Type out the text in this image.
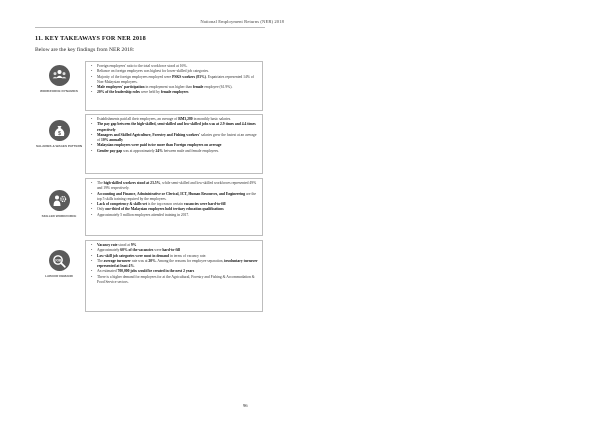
National Employment Returns (NER) 2018
11. KEY TAKEAWAYS FOR NER 2018
Below are the key findings from NER 2018:
WORKFORCE DYNAMICS
• Foreign employees' ratio to the total workforce stood at 16%.
• Reliance on foreign employees was highest for lower-skilled job categories.
• Majority of the foreign employees employed were PSKS workers (83%). Expatriates represented 14% of Non-Malaysian employees.
• Male employees' participation in employment was higher than female employee (61.9%).
• 20% of the leadership roles were held by female employees
$
SALARIES & WAGES PATTERN
• Establishments paid all their employees, an average of RM3,280 in monthly basic salaries.
• The pay gap between the high-skilled, semi-skilled and low-skilled jobs was at 2.9 times and 4.4 times respectively
• Managers and Skilled Agriculture, Forestry and Fishing workers' salaries grew the fastest at an average of 10% annually
• Malaysian employees were paid twice more than Foreign employees on average
• Gender pay gap was at approximately 24% between male and female employees.
SKILLED WORKFORCE
• The high-skilled workers stood at 23.5%, while semi-skilled and low-skilled workforces represented 49% and 19% respectively.
• Accounting and Finance, Administrative or Clerical, ICT, Human Resources, and Engineering are the top 5 skills training required by the employees.
• Lack of competency & skills-set is the top reason certain vacancies were hard-to-fill
• Only one-third of the Malaysian employees hold tertiary education qualifications
• Approximately 5 million employees attended training in 2017.
JOB
LABOUR DEMAND
• Vacancy rate stood at 9%
• Approximately 60% of the vacancies were hard-to-fill
• Low-skill job categories were most in demand in terms of vacancy rate.
• The average turnover rate was at 20%. Among the reasons for employee separation, involuntary turnover represented at least 4%.
• An estimated 700,000 jobs would be created in the next 2 years
• There is a higher demand for employees for at the Agricultural, Forestry and Fishing & Accommodation & Food Service sectors.
96
